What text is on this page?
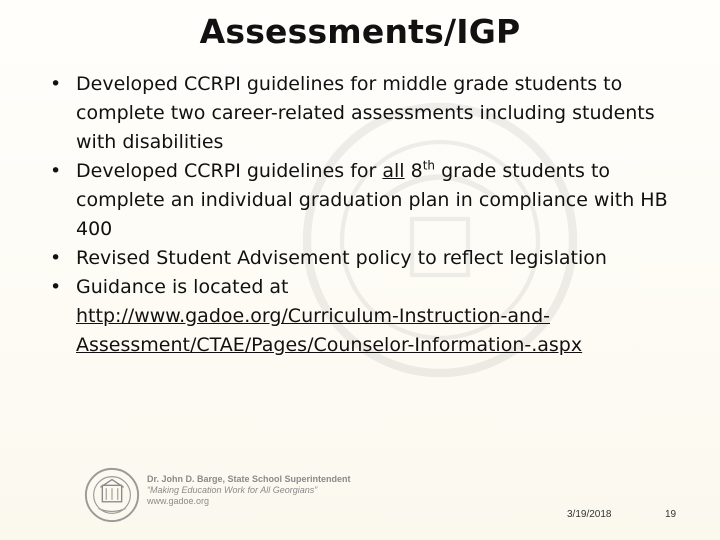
Assessments/IGP
• Developed CCRPI guidelines for middle grade students to complete two career-related assessments including students with disabilities
• Developed CCRPI guidelines for all 8th grade students to complete an individual graduation plan in compliance with HB 400
• Revised Student Advisement policy to reflect legislation
• Guidance is located at
http://www.gadoe.org/Curriculum-Instruction-and-
Assessment/CTAE/Pages/Counselor-Information-.aspx
Dr. John D. Barge, State School Superintendent
“Making Education Work for All Georgians”
www.gadoe.org
3/19/2018	19
